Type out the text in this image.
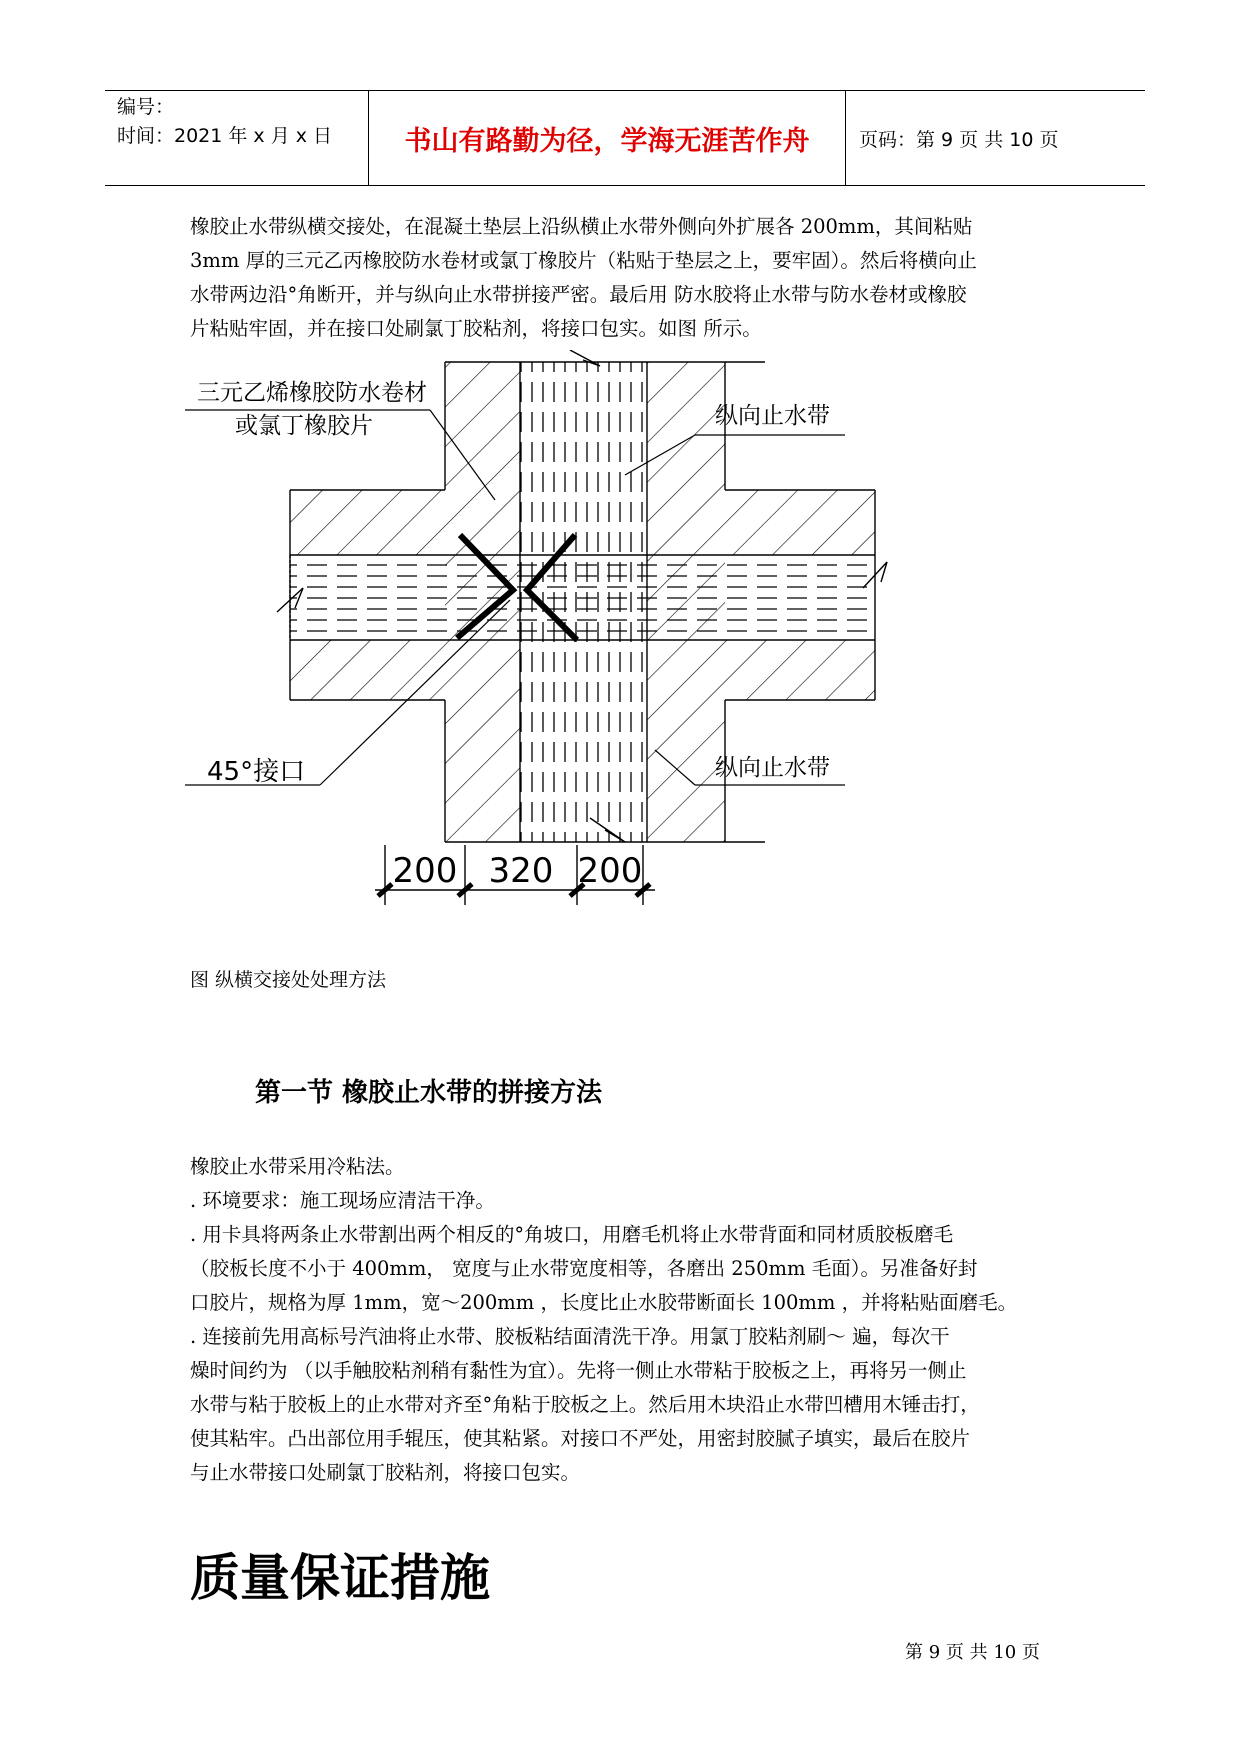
编号：
时间：2021 年 x 月 x 日	书山有路勤为径，学海无涯苦作舟	页码：第 9 页 共 10 页
橡胶止水带纵横交接处，在混凝土垫层上沿纵横止水带外侧向外扩展各 200mm，其间粘贴
3mm 厚的三元乙丙橡胶防水卷材或氯丁橡胶片（粘贴于垫层之上，要牢固）。然后将横向止
水带两边沿°角断开，并与纵向止水带拼接严密。最后用 防水胶将止水带与防水卷材或橡胶
片粘贴牢固，并在接口处刷氯丁胶粘剂，将接口包实。如图 所示。
三元乙烯橡胶防水卷材
或氯丁橡胶片	纵向止水带
45°接口	纵向止水带
200 320 200
图 纵横交接处处理方法
第一节 橡胶止水带的拼接方法
橡胶止水带采用冷粘法。
. 环境要求：施工现场应清洁干净。
. 用卡具将两条止水带割出两个相反的°角坡口，用磨毛机将止水带背面和同材质胶板磨毛
（胶板长度不小于 400mm， 宽度与止水带宽度相等，各磨出 250mm 毛面）。另准备好封
口胶片，规格为厚 1mm，宽～200mm ，长度比止水胶带断面长 100mm ，并将粘贴面磨毛。
. 连接前先用高标号汽油将止水带、胶板粘结面清洗干净。用氯丁胶粘剂刷～ 遍，每次干
燥时间约为 （以手触胶粘剂稍有黏性为宜）。先将一侧止水带粘于胶板之上，再将另一侧止
水带与粘于胶板上的止水带对齐至°角粘于胶板之上。然后用木块沿止水带凹槽用木锤击打，
使其粘牢。凸出部位用手辊压，使其粘紧。对接口不严处，用密封胶腻子填实，最后在胶片
与止水带接口处刷氯丁胶粘剂，将接口包实。
质量保证措施
第 9 页 共 10 页
